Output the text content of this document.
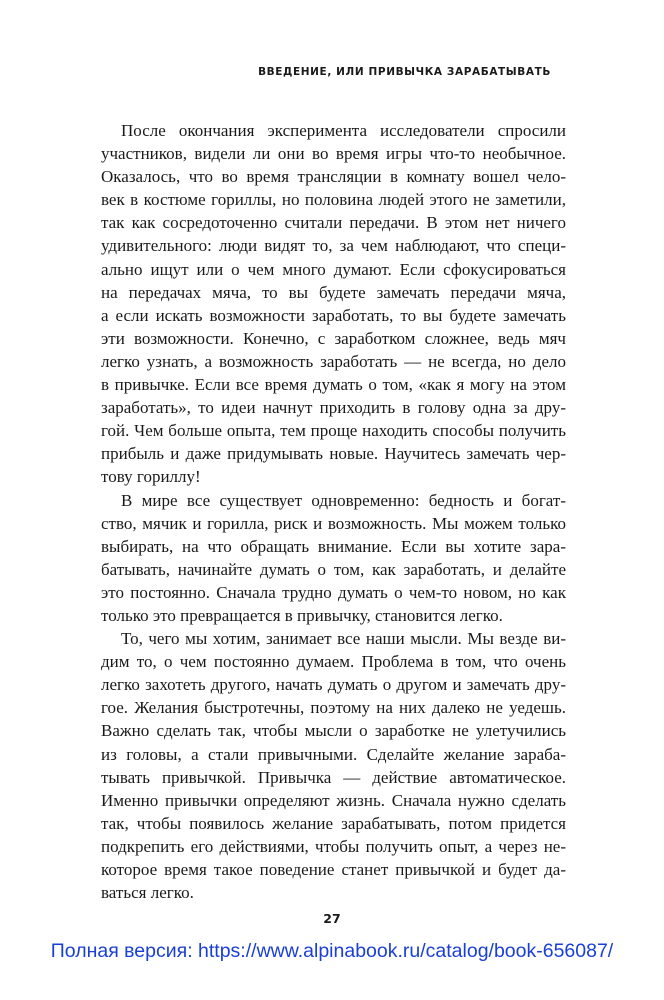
ВВЕДЕНИЕ, ИЛИ ПРИВЫЧКА ЗАРАБАТЫВАТЬ
После окончания эксперимента исследователи спросили
участников, видели ли они во время игры что-то необычное.
Оказалось, что во время трансляции в комнату вошел чело-
век в костюме гориллы, но половина людей этого не заметили,
так как сосредоточенно считали передачи. В этом нет ничего
удивительного: люди видят то, за чем наблюдают, что специ-
ально ищут или о чем много думают. Если сфокусироваться
на передачах мяча, то вы будете замечать передачи мяча,
а если искать возможности заработать, то вы будете замечать
эти возможности. Конечно, с заработком сложнее, ведь мяч
легко узнать, а возможность заработать — не всегда, но дело
в привычке. Если все время думать о том, «как я могу на этом
заработать», то идеи начнут приходить в голову одна за дру-
гой. Чем больше опыта, тем проще находить способы получить
прибыль и даже придумывать новые. Научитесь замечать чер-
тову гориллу!
В мире все существует одновременно: бедность и богат-
ство, мячик и горилла, риск и возможность. Мы можем только
выбирать, на что обращать внимание. Если вы хотите зара-
батывать, начинайте думать о том, как заработать, и делайте
это постоянно. Сначала трудно думать о чем-то новом, но как
только это превращается в привычку, становится легко.
То, чего мы хотим, занимает все наши мысли. Мы везде ви-
дим то, о чем постоянно думаем. Проблема в том, что очень
легко захотеть другого, начать думать о другом и замечать дру-
гое. Желания быстротечны, поэтому на них далеко не уедешь.
Важно сделать так, чтобы мысли о заработке не улетучились
из головы, а стали привычными. Сделайте желание зараба-
тывать привычкой. Привычка — действие автоматическое.
Именно привычки определяют жизнь. Сначала нужно сделать
так, чтобы появилось желание зарабатывать, потом придется
подкрепить его действиями, чтобы получить опыт, а через не-
которое время такое поведение станет привычкой и будет да-
ваться легко.
27
Полная версия: https://www.alpinabook.ru/catalog/book-656087/
